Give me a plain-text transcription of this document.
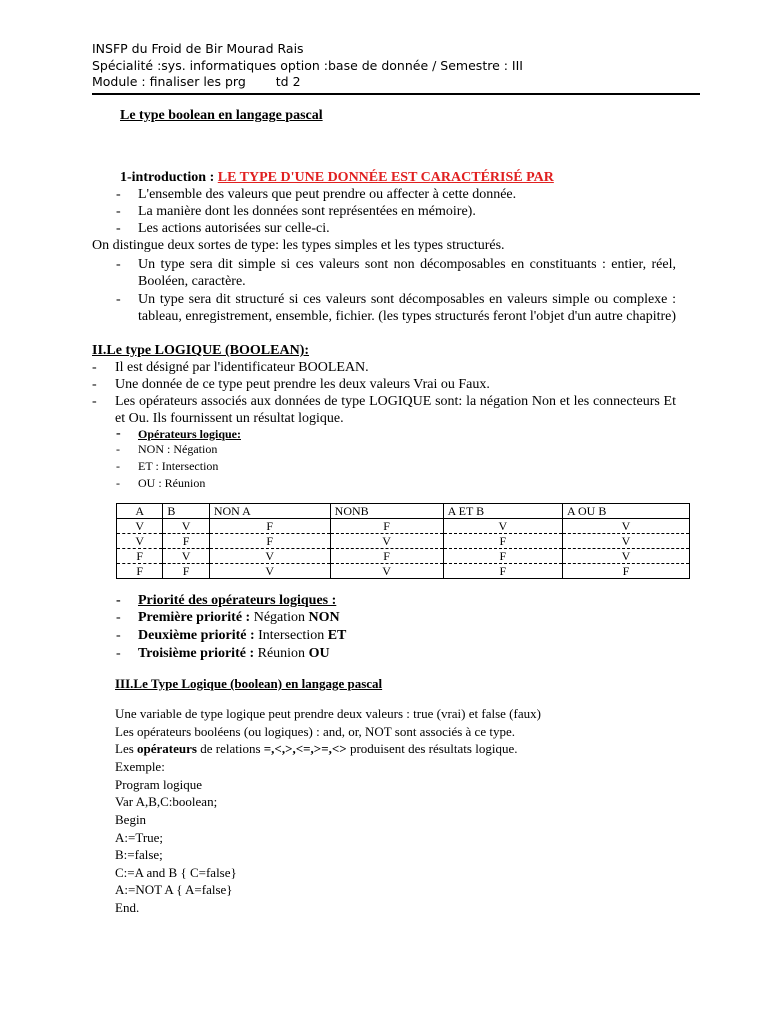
INSFP du Froid de Bir Mourad Rais
Spécialité :sys. informatiques option :base de donnée / Semestre : III
Module : finaliser les prg td 2
Le type boolean en langage pascal
1-introduction : LE TYPE D'UNE DONNÉE EST CARACTÉRISÉ PAR
- L'ensemble des valeurs que peut prendre ou affecter à cette donnée.
- La manière dont les données sont représentées en mémoire).
- Les actions autorisées sur celle-ci.
On distingue deux sortes de type: les types simples et les types structurés.
- Un type sera dit simple si ces valeurs sont non décomposables en constituants : entier, réel, Booléen, caractère.
- Un type sera dit structuré si ces valeurs sont décomposables en valeurs simple ou complexe : tableau, enregistrement, ensemble, fichier. (les types structurés feront l'objet d'un autre chapitre)
II.Le type LOGIQUE (BOOLEAN):
- Il est désigné par l'identificateur BOOLEAN.
- Une donnée de ce type peut prendre les deux valeurs Vrai ou Faux.
- Les opérateurs associés aux données de type LOGIQUE sont: la négation Non et les connecteurs Et et Ou. Ils fournissent un résultat logique.
- Opérateurs logique:
- NON : Négation
- ET : Intersection
- OU : Réunion
A	B	NON A	NONB	A ET B	A OU B
V	V	F	F	V	V
V	F	F	V	F	V
F	V	V	F	F	V
F	F	V	V	F	F
- Priorité des opérateurs logiques :
- Première priorité : Négation NON
- Deuxième priorité : Intersection ET
- Troisième priorité : Réunion OU
III.Le Type Logique (boolean) en langage pascal
Une variable de type logique peut prendre deux valeurs : true (vrai) et false (faux)
Les opérateurs booléens (ou logiques) : and, or, NOT sont associés à ce type.
Les opérateurs de relations =,<,>,<=,>=,<> produisent des résultats logique.
Exemple:
Program logique
Var A,B,C:boolean;
Begin
A:=True;
B:=false;
C:=A and B { C=false}
A:=NOT A { A=false}
End.
